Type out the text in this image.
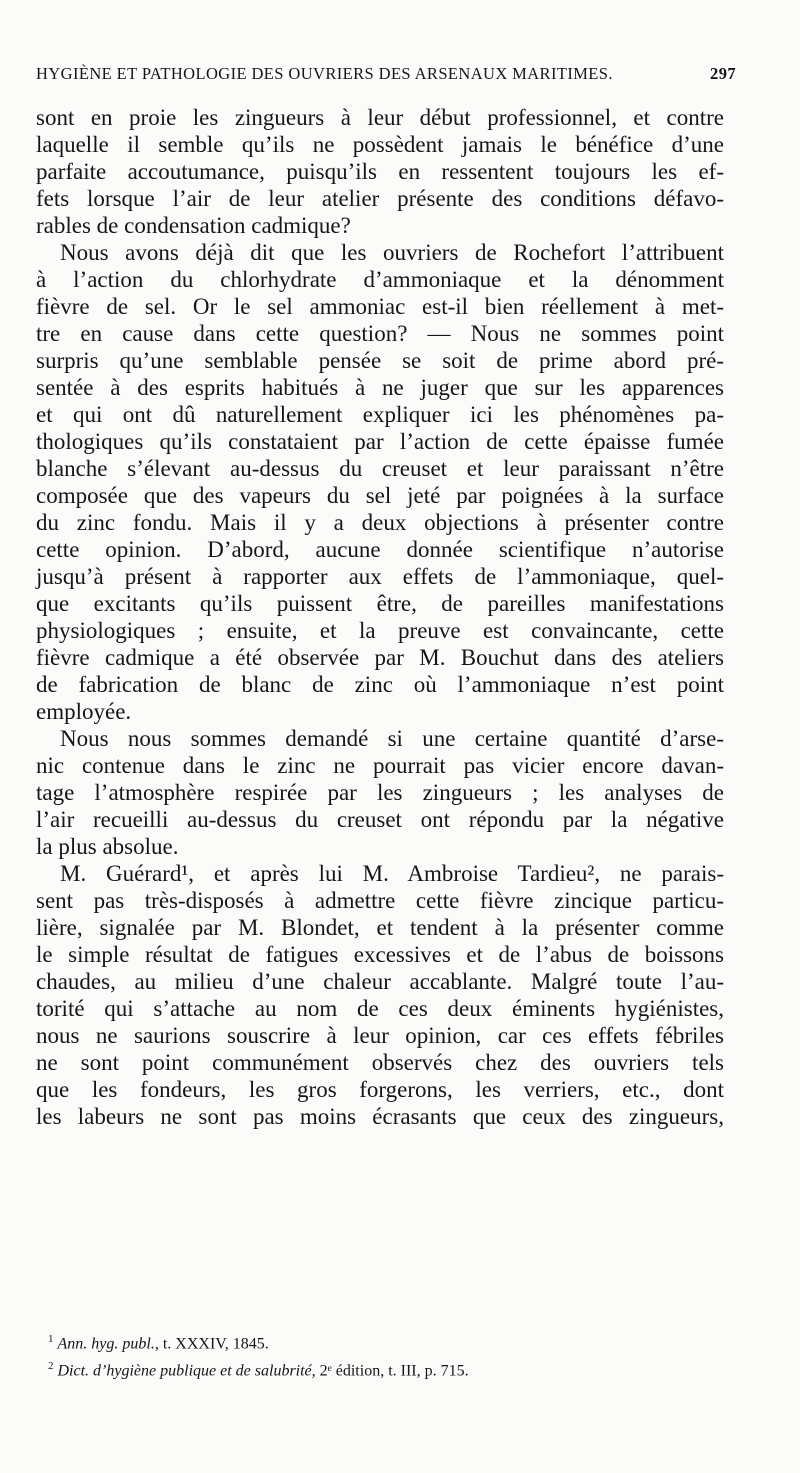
HYGIÈNE ET PATHOLOGIE DES OUVRIERS DES ARSENAUX MARITIMES.	297
sont en proie les zingueurs à leur début professionnel, et contre
laquelle il semble qu’ils ne possèdent jamais le bénéfice d’une
parfaite accoutumance, puisqu’ils en ressentent toujours les ef-
fets lorsque l’air de leur atelier présente des conditions défavo-
rables de condensation cadmique?
Nous avons déjà dit que les ouvriers de Rochefort l’attribuent
à l’action du chlorhydrate d’ammoniaque et la dénomment
fièvre de sel. Or le sel ammoniac est-il bien réellement à met-
tre en cause dans cette question? — Nous ne sommes point
surpris qu’une semblable pensée se soit de prime abord pré-
sentée à des esprits habitués à ne juger que sur les apparences
et qui ont dû naturellement expliquer ici les phénomènes pa-
thologiques qu’ils constataient par l’action de cette épaisse fumée
blanche s’élevant au-dessus du creuset et leur paraissant n’être
composée que des vapeurs du sel jeté par poignées à la surface
du zinc fondu. Mais il y a deux objections à présenter contre
cette opinion. D’abord, aucune donnée scientifique n’autorise
jusqu’à présent à rapporter aux effets de l’ammoniaque, quel-
que excitants qu’ils puissent être, de pareilles manifestations
physiologiques ; ensuite, et la preuve est convaincante, cette
fièvre cadmique a été observée par M. Bouchut dans des ateliers
de fabrication de blanc de zinc où l’ammoniaque n’est point
employée.
Nous nous sommes demandé si une certaine quantité d’arse-
nic contenue dans le zinc ne pourrait pas vicier encore davan-
tage l’atmosphère respirée par les zingueurs ; les analyses de
l’air recueilli au-dessus du creuset ont répondu par la négative
la plus absolue.
M. Guérard¹, et après lui M. Ambroise Tardieu², ne parais-
sent pas très-disposés à admettre cette fièvre zincique particu-
lière, signalée par M. Blondet, et tendent à la présenter comme
le simple résultat de fatigues excessives et de l’abus de boissons
chaudes, au milieu d’une chaleur accablante. Malgré toute l’au-
torité qui s’attache au nom de ces deux éminents hygiénistes,
nous ne saurions souscrire à leur opinion, car ces effets fébriles
ne sont point communément observés chez des ouvriers tels
que les fondeurs, les gros forgerons, les verriers, etc., dont
les labeurs ne sont pas moins écrasants que ceux des zingueurs,
$^1$ Ann. hyg. publ., t. XXXIV, 1845.
$^2$ Dict. d’hygiène publique et de salubrité, 2ᵉ édition, t. III, p. 715.
